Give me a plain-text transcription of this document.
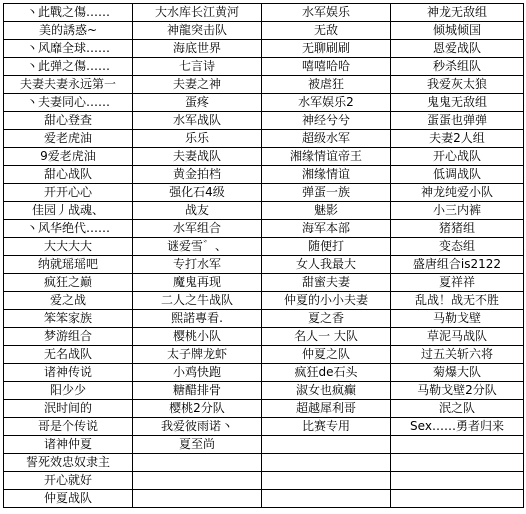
丶此戰之傷……	大水库长江黄河	水军娱乐	神龙无敌组
美的誘惑~	神龍突击队	无敌	倾城倾国
丶风靡全球……	海底世界	无聊刷刷	恩爱战队
丶此弹之傷……	七言诗	嘻嘻哈哈	秒杀组队
夫妻夫妻永远第一	夫妻之神	被虐狂	我爱灰太狼
丶夫妻同心……	蛋疼	水军娱乐2	鬼鬼无敌组
甜心登查	水军战队	神经兮兮	蛋蛋也弹弹
爱老虎油	乐乐	超级水军	夫妻2人组
9爱老虎油	夫妻战队	湘缘情谊帝王	开心战队
甜心战队	黄金拍档	湘缘情谊	低调战队
开开心心	强化石4级	弹蛋一族	神龙纯爱小队
佳园丿战魂、	战友	魅影	小三内裤
丶风华绝代……	水军组合	海军本部	猪猪组
大大大大	谜爱雪゛、	随便打	变态组
纳就瑶瑶吧	专打水军	女人我最大	盛唐组合is2122
疯狂之巅	魔鬼再现	甜蜜夫妻	夏祥祥
爱之战	二人之牛战队	仲夏的小小夫妻	乱战！战无不胜
笨笨家族	熙諾專看.	夏之香	马勒戈壁
梦游组合	樱桃小队	名人一 大队	草泥马战队
无名战队	太子牌龙虾	仲夏之队	过五关斩六将
诸神传说	小鸡快跑	疯狂de石头	菊爆大队
阳少少	糖醋排骨	淑女也疯癫	马勒戈壁2分队
泯时间的	樱桃2分队	超越犀利哥	泯之队
哥是个传说	我爱彼雨诺丶	比赛专用	Sex……勇者归来
诸神仲夏	夏至尚		
誓死效忠奴隶主			
开心就好			
仲夏战队			
